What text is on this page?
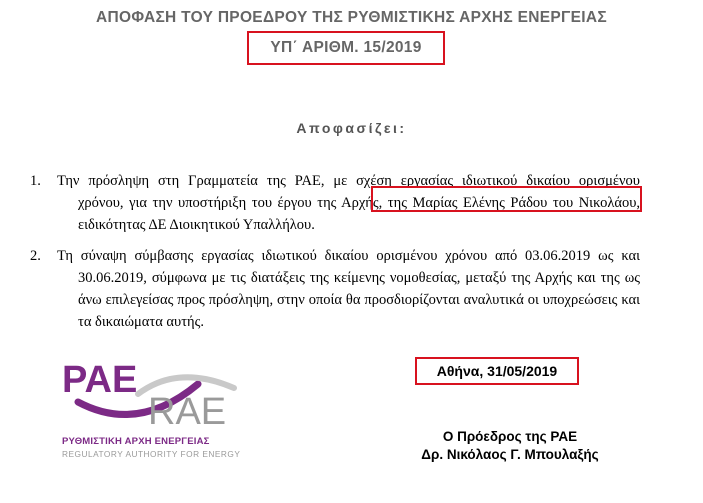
ΑΠΟΦΑΣΗ ΤΟΥ ΠΡΟΕΔΡΟΥ ΤΗΣ ΡΥΘΜΙΣΤΙΚΗΣ ΑΡΧΗΣ ΕΝΕΡΓΕΙΑΣ
ΥΠ΄ ΑΡΙΘΜ. 15/2019
Αποφασίζει:
1.	Την πρόσληψη στη Γραμματεία της ΡΑΕ, με σχέση εργασίας ιδιωτικού δικαίου ορισμένου
χρόνου, για την υποστήριξη του έργου της Αρχής, της Μαρίας Ελένης Ράδου του Νικολάου,
ειδικότητας ΔΕ Διοικητικού Υπαλλήλου.
2.	Τη σύναψη σύμβασης εργασίας ιδιωτικού δικαίου ορισμένου χρόνου από 03.06.2019 ως και
30.06.2019, σύμφωνα με τις διατάξεις της κείμενης νομοθεσίας, μεταξύ της Αρχής και της ως
άνω επιλεγείσας προς πρόσληψη, στην οποία θα προσδιορίζονται αναλυτικά οι υποχρεώσεις και
τα δικαιώματα αυτής.
Αθήνα, 31/05/2019
Ο Πρόεδρος της ΡΑΕ
Δρ. Νικόλαος Γ. Μπουλαξής
ΡΑΕ
RAE
ΡΥΘΜΙΣΤΙΚΗ ΑΡΧΗ ΕΝΕΡΓΕΙΑΣ
REGULATORY AUTHORITY FOR ENERGY
